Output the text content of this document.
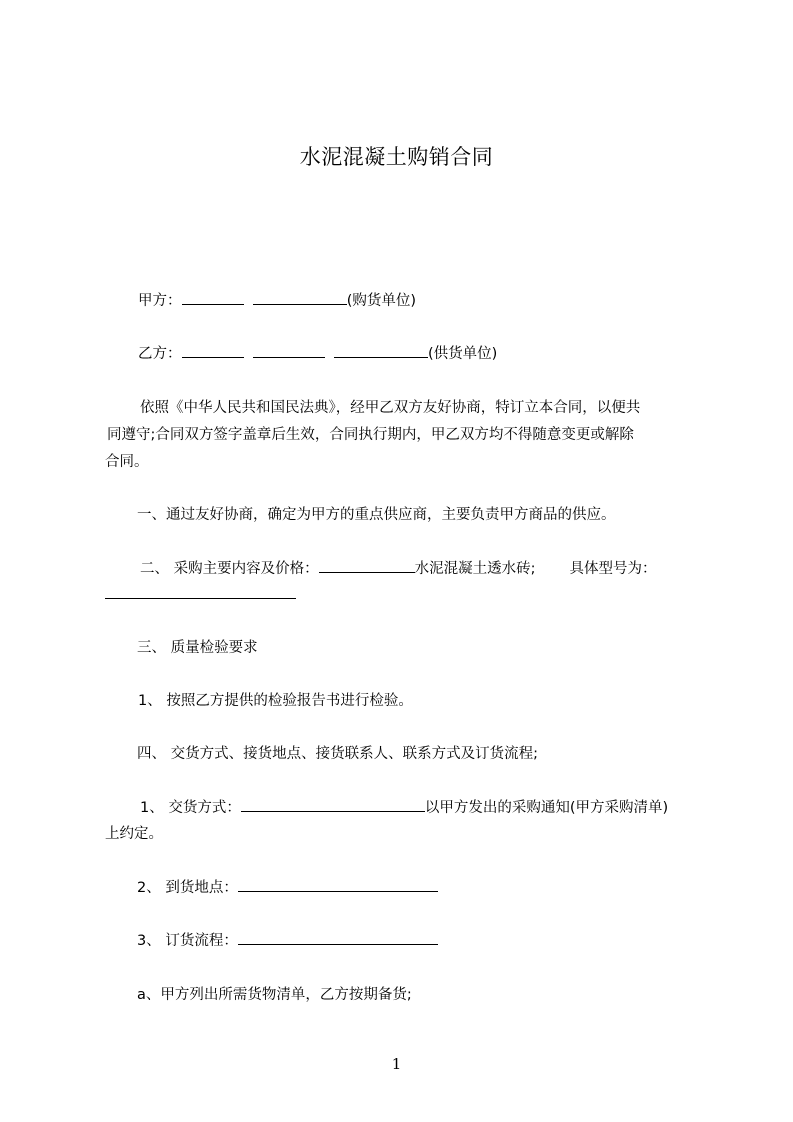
水泥混凝土购销合同
甲方：	(购货单位)
乙方：	(供货单位)
依照《中华人民共和国民法典》，经甲乙双方友好协商，特订立本合同，以便共
同遵守;合同双方签字盖章后生效，合同执行期内，甲乙双方均不得随意变更或解除
合同。
一、通过友好协商，确定为甲方的重点供应商，主要负责甲方商品的供应。
二、 采购主要内容及价格：	水泥混凝土透水砖; 具体型号为：
三、 质量检验要求
1、 按照乙方提供的检验报告书进行检验。
四、 交货方式、接货地点、接货联系人、联系方式及订货流程;
1、 交货方式：	以甲方发出的采购通知(甲方采购清单)
上约定。
2、 到货地点：
3、 订货流程：
a、甲方列出所需货物清单，乙方按期备货;
1
